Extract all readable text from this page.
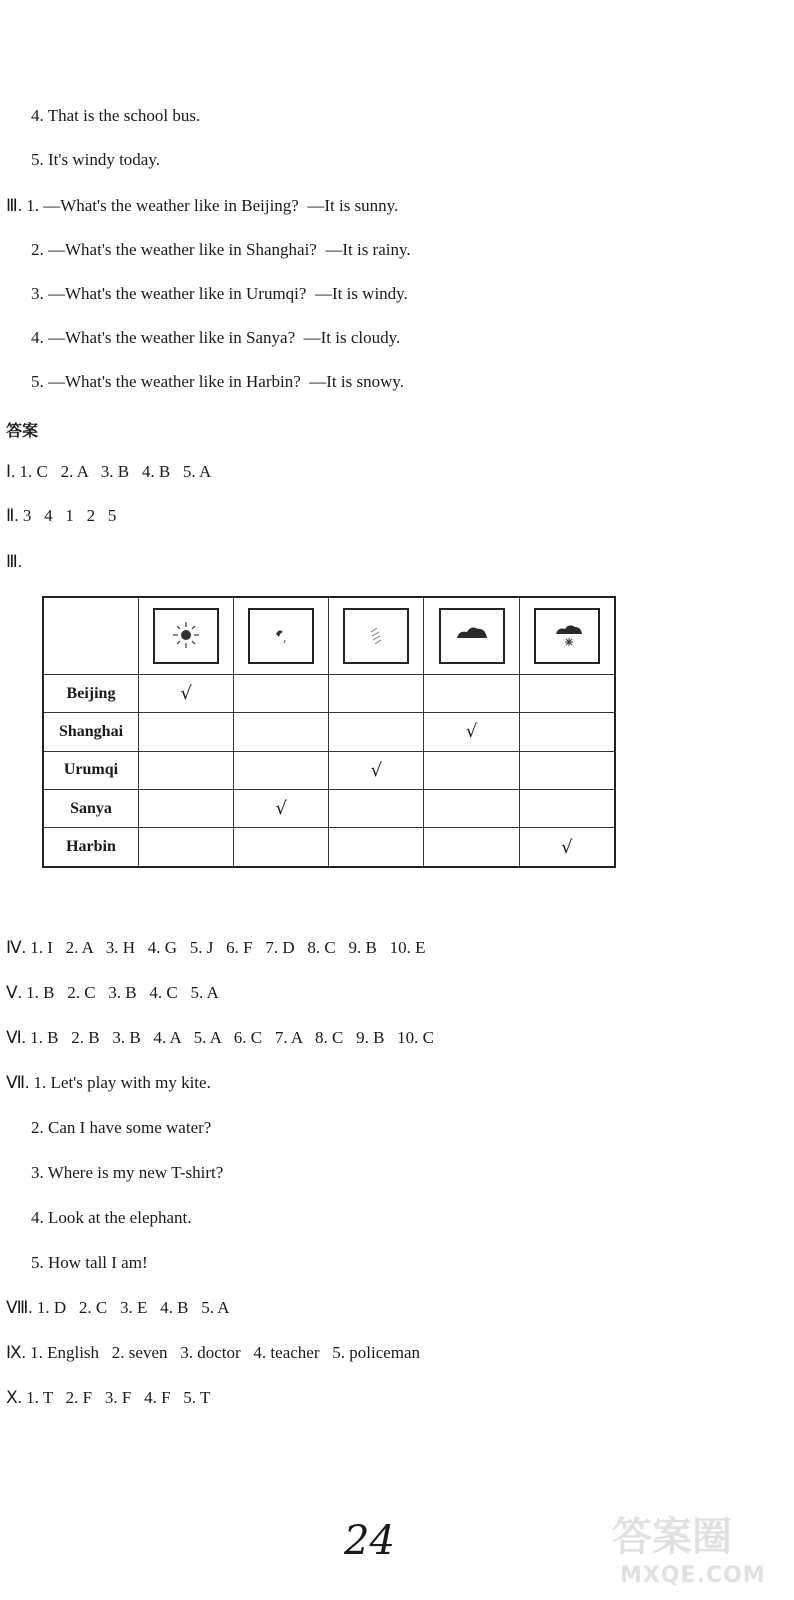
4. That is the school bus.
5. It's windy today.
Ⅲ. 1. —What's the weather like in Beijing?  —It is sunny.
2. —What's the weather like in Shanghai?  —It is rainy.
3. —What's the weather like in Urumqi?  —It is windy.
4. —What's the weather like in Sanya?  —It is cloudy.
5. —What's the weather like in Harbin?  —It is snowy.
答案
Ⅰ. 1. C   2. A   3. B   4. B   5. A
Ⅱ. 3   4   1   2   5
Ⅲ.

Beijing	√				
Shanghai				√	
Urumqi			√		
Sanya		√			
Harbin					√
Ⅳ. 1. I   2. A   3. H   4. G   5. J   6. F   7. D   8. C   9. B   10. E
Ⅴ. 1. B   2. C   3. B   4. C   5. A
Ⅵ. 1. B   2. B   3. B   4. A   5. A   6. C   7. A   8. C   9. B   10. C
Ⅶ. 1. Let's play with my kite.
2. Can I have some water?
3. Where is my new T-shirt?
4. Look at the elephant.
5. How tall I am!
Ⅷ. 1. D   2. C   3. E   4. B   5. A
Ⅸ. 1. English   2. seven   3. doctor   4. teacher   5. policeman
Ⅹ. 1. T   2. F   3. F   4. F   5. T
24	答案圈
MXQE.COM
